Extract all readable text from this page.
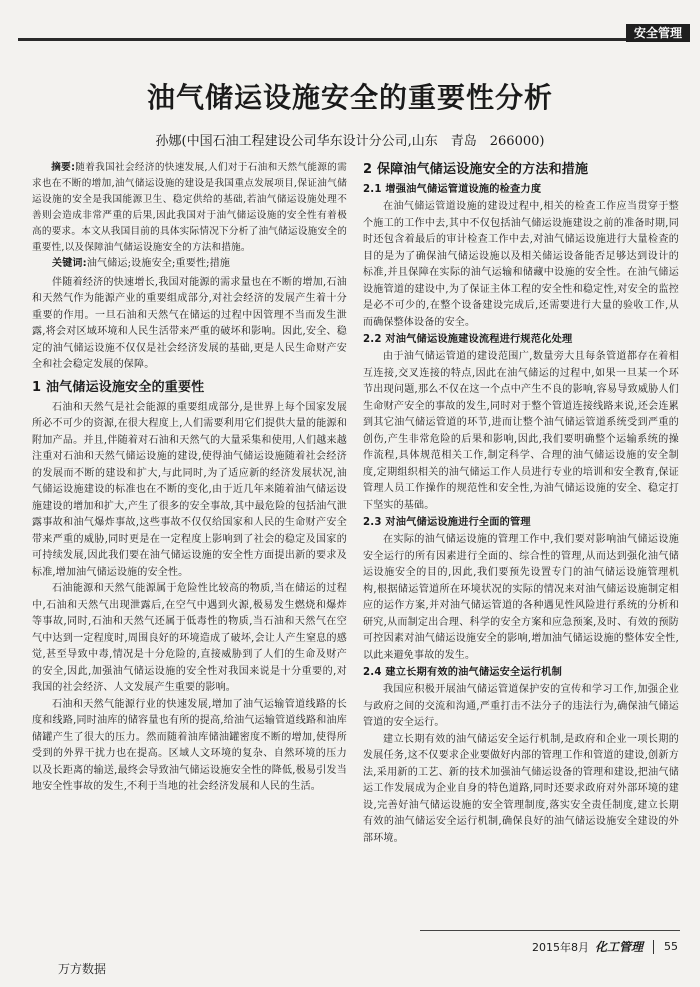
安全管理
油气储运设施安全的重要性分析
孙娜(中国石油工程建设公司华东设计分公司,山东　青岛　266000)

摘要:随着我国社会经济的快速发展,人们对于石油和天然气能源的需求也在不断的增加,油气储运设施的建设是我国重点发展项目,保证油气储运设施的安全是我国能源卫生、稳定供给的基础,若油气储运设施处理不善则会造成非常严重的后果,因此我国对于油气储运设施的安全性有着极高的要求。本文从我国目前的具体实际情况下分析了油气储运设施安全的重要性,以及保障油气储运设施安全的方法和措施。

关键词:油气储运;设施安全;重要性;措施

伴随着经济的快速增长,我国对能源的需求量也在不断的增加,石油和天然气作为能源产业的重要组成部分,对社会经济的发展产生着十分重要的作用。一旦石油和天然气在储运的过程中因管理不当而发生泄露,将会对区域环境和人民生活带来严重的破坏和影响。因此,安全、稳定的油气储运设施不仅仅是社会经济发展的基础,更是人民生命财产安全和社会稳定发展的保障。

1 油气储运设施安全的重要性

石油和天然气是社会能源的重要组成部分,是世界上每个国家发展所必不可少的资源,在很大程度上,人们需要利用它们提供大量的能源和附加产品。并且,伴随着对石油和天然气的大量采集和使用,人们越来越注重对石油和天然气储运设施的建设,使得油气储运设施随着社会经济的发展而不断的建设和扩大,与此同时,为了适应新的经济发展状况,油气储运设施建设的标准也在不断的变化,由于近几年来随着油气储运设施建设的增加和扩大,产生了很多的安全事故,其中最危险的包括油气泄露事故和油气爆炸事故,这些事故不仅仅给国家和人民的生命财产安全带来严重的威胁,同时更是在一定程度上影响到了社会的稳定及国家的可持续发展,因此我们要在油气储运设施的安全性方面提出新的要求及标准,增加油气储运设施的安全性。

石油能源和天然气能源属于危险性比较高的物质,当在储运的过程中,石油和天然气出现泄露后,在空气中遇到火源,极易发生燃烧和爆炸等事故,同时,石油和天然气还属于低毒性的物质,当石油和天然气在空气中达到一定程度时,周围良好的环境造成了破坏,会让人产生窒息的感觉,甚至导致中毒,情况是十分危险的,直接威胁到了人们的生命及财产的安全,因此,加强油气储运设施的安全性对我国来说是十分重要的,对我国的社会经济、人文发展产生重要的影响。

石油和天然气能源行业的快速发展,增加了油气运输管道线路的长度和线路,同时油库的储容量也有所的提高,给油气运输管道线路和油库储罐产生了很大的压力。然而随着油库储油罐密度不断的增加,使得所受到的外界干扰力也在提高。区域人文环境的复杂、自然环境的压力以及长距离的输送,最终会导致油气储运设施安全性的降低,极易引发当地安全性事故的发生,不利于当地的社会经济发展和人民的生活。

2 保障油气储运设施安全的方法和措施
2.1 增强油气储运管道设施的检查力度

在油气储运管道设施的建设过程中,相关的检查工作应当贯穿于整个施工的工作中去,其中不仅包括油气储运设施建设之前的准备时期,同时还包含着最后的审计检查工作中去,对油气储运设施进行大量检查的目的是为了确保油气储运设施以及相关储运设备能否足够达到设计的标准,并且保障在实际的油气运输和储藏中设施的安全性。在油气储运设施管道的建设中,为了保证主体工程的安全性和稳定性,对安全的监控是必不可少的,在整个设备建设完成后,还需要进行大量的验收工作,从而确保整体设备的安全。

2.2 对油气储运设施建设流程进行规范化处理

由于油气储运管道的建设范围广,数量旁大且每条管道都存在着相互连接,交叉连接的特点,因此在油气储运的过程中,如果一旦某一个环节出现问题,那么不仅在这一个点中产生不良的影响,容易导致威胁人们生命财产安全的事故的发生,同时对于整个管道连接线路来说,还会连累到其它油气储运管道的环节,进而让整个油气储运管道系统受到严重的创伤,产生非常危险的后果和影响,因此,我们要明确整个运输系统的操作流程,具体规范相关工作,制定科学、合理的油气储运设施的安全制度,定期组织相关的油气储运工作人员进行专业的培训和安全教育,保证管理人员工作操作的规范性和安全性,为油气储运设施的安全、稳定打下坚实的基础。

2.3 对油气储运设施进行全面的管理

在实际的油气储运设施的管理工作中,我们要对影响油气储运设施安全运行的所有因素进行全面的、综合性的管理,从而达到强化油气储运设施安全的目的,因此,我们要预先设置专门的油气储运设施管理机构,根据储运管道所在环境状况的实际的情况来对油气储运设施制定相应的运作方案,并对油气储运管道的各种遇见性风险进行系统的分析和研究,从而制定出合理、科学的安全方案和应急预案,及时、有效的预防可控因素对油气储运设施安全的影响,增加油气储运设施的整体安全性,以此来避免事故的发生。

2.4 建立长期有效的油气储运安全运行机制

我国应积极开展油气储运管道保护安的宣传和学习工作,加强企业与政府之间的交流和沟通,严重打击不法分子的违法行为,确保油气储运管道的安全运行。

建立长期有效的油气储运安全运行机制,是政府和企业一项长期的发展任务,这不仅要求企业要做好内部的管理工作和管道的建设,创新方法,采用新的工艺、新的技术加强油气储运设备的管理和建设,把油气储运工作发展成为企业自身的特色道路,同时还要求政府对外部环境的建设,完善好油气储运设施的安全管理制度,落实安全责任制度,建立长期有效的油气储运安全运行机制,确保良好的油气储运设施安全建设的外部环境。

2015年8月 化工管理 55
万方数据
